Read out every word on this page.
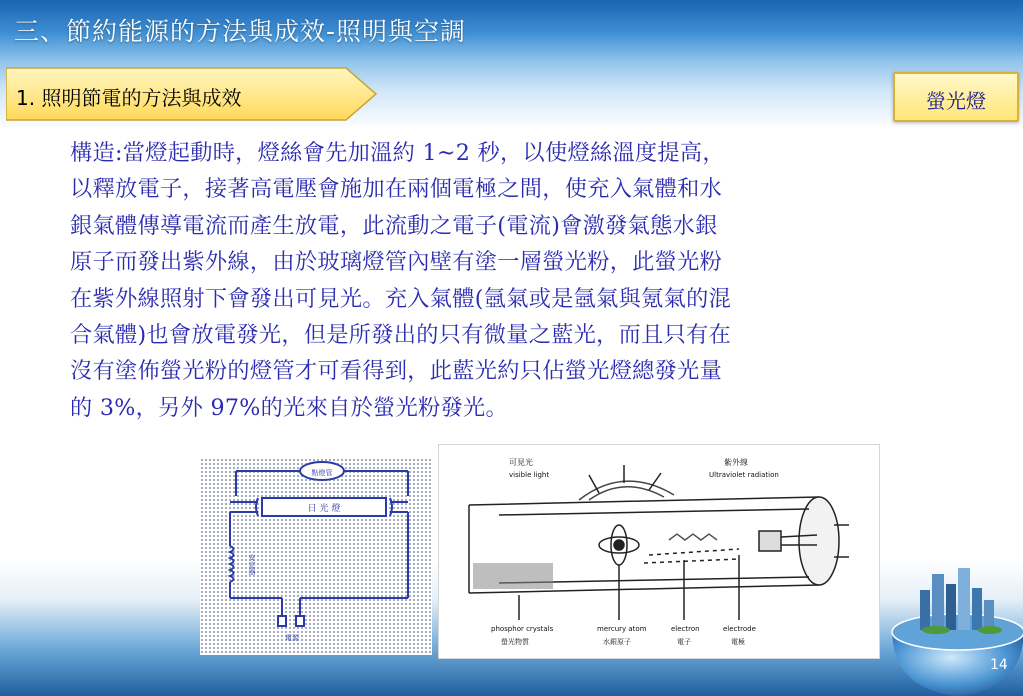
三、節約能源的方法與成效-照明與空調
1. 照明節電的方法與成效	螢光燈
構造:當燈起動時，燈絲會先加溫約 1~2 秒，以使燈絲溫度提高，
以釋放電子，接著高電壓會施加在兩個電極之間，使充入氣體和水
銀氣體傳導電流而產生放電，此流動之電子(電流)會激發氣態水銀
原子而發出紫外線，由於玻璃燈管內壁有塗一層螢光粉，此螢光粉
在紫外線照射下會發出可見光。充入氣體(氬氣或是氬氣與氪氣的混
合氣體)也會放電發光，但是所發出的只有微量之藍光，而且只有在
沒有塗佈螢光粉的燈管才可看得到，此藍光約只佔螢光燈總發光量
的 3%，另外 97%的光來自於螢光粉發光。
點燈管
日 光 燈
安定器
電源
可見光
visible light
紫外線
Ultraviolet radiation
phosphor crystals
螢光物質
mercury atom
水銀原子
electron
電子
electrode
電極
14
